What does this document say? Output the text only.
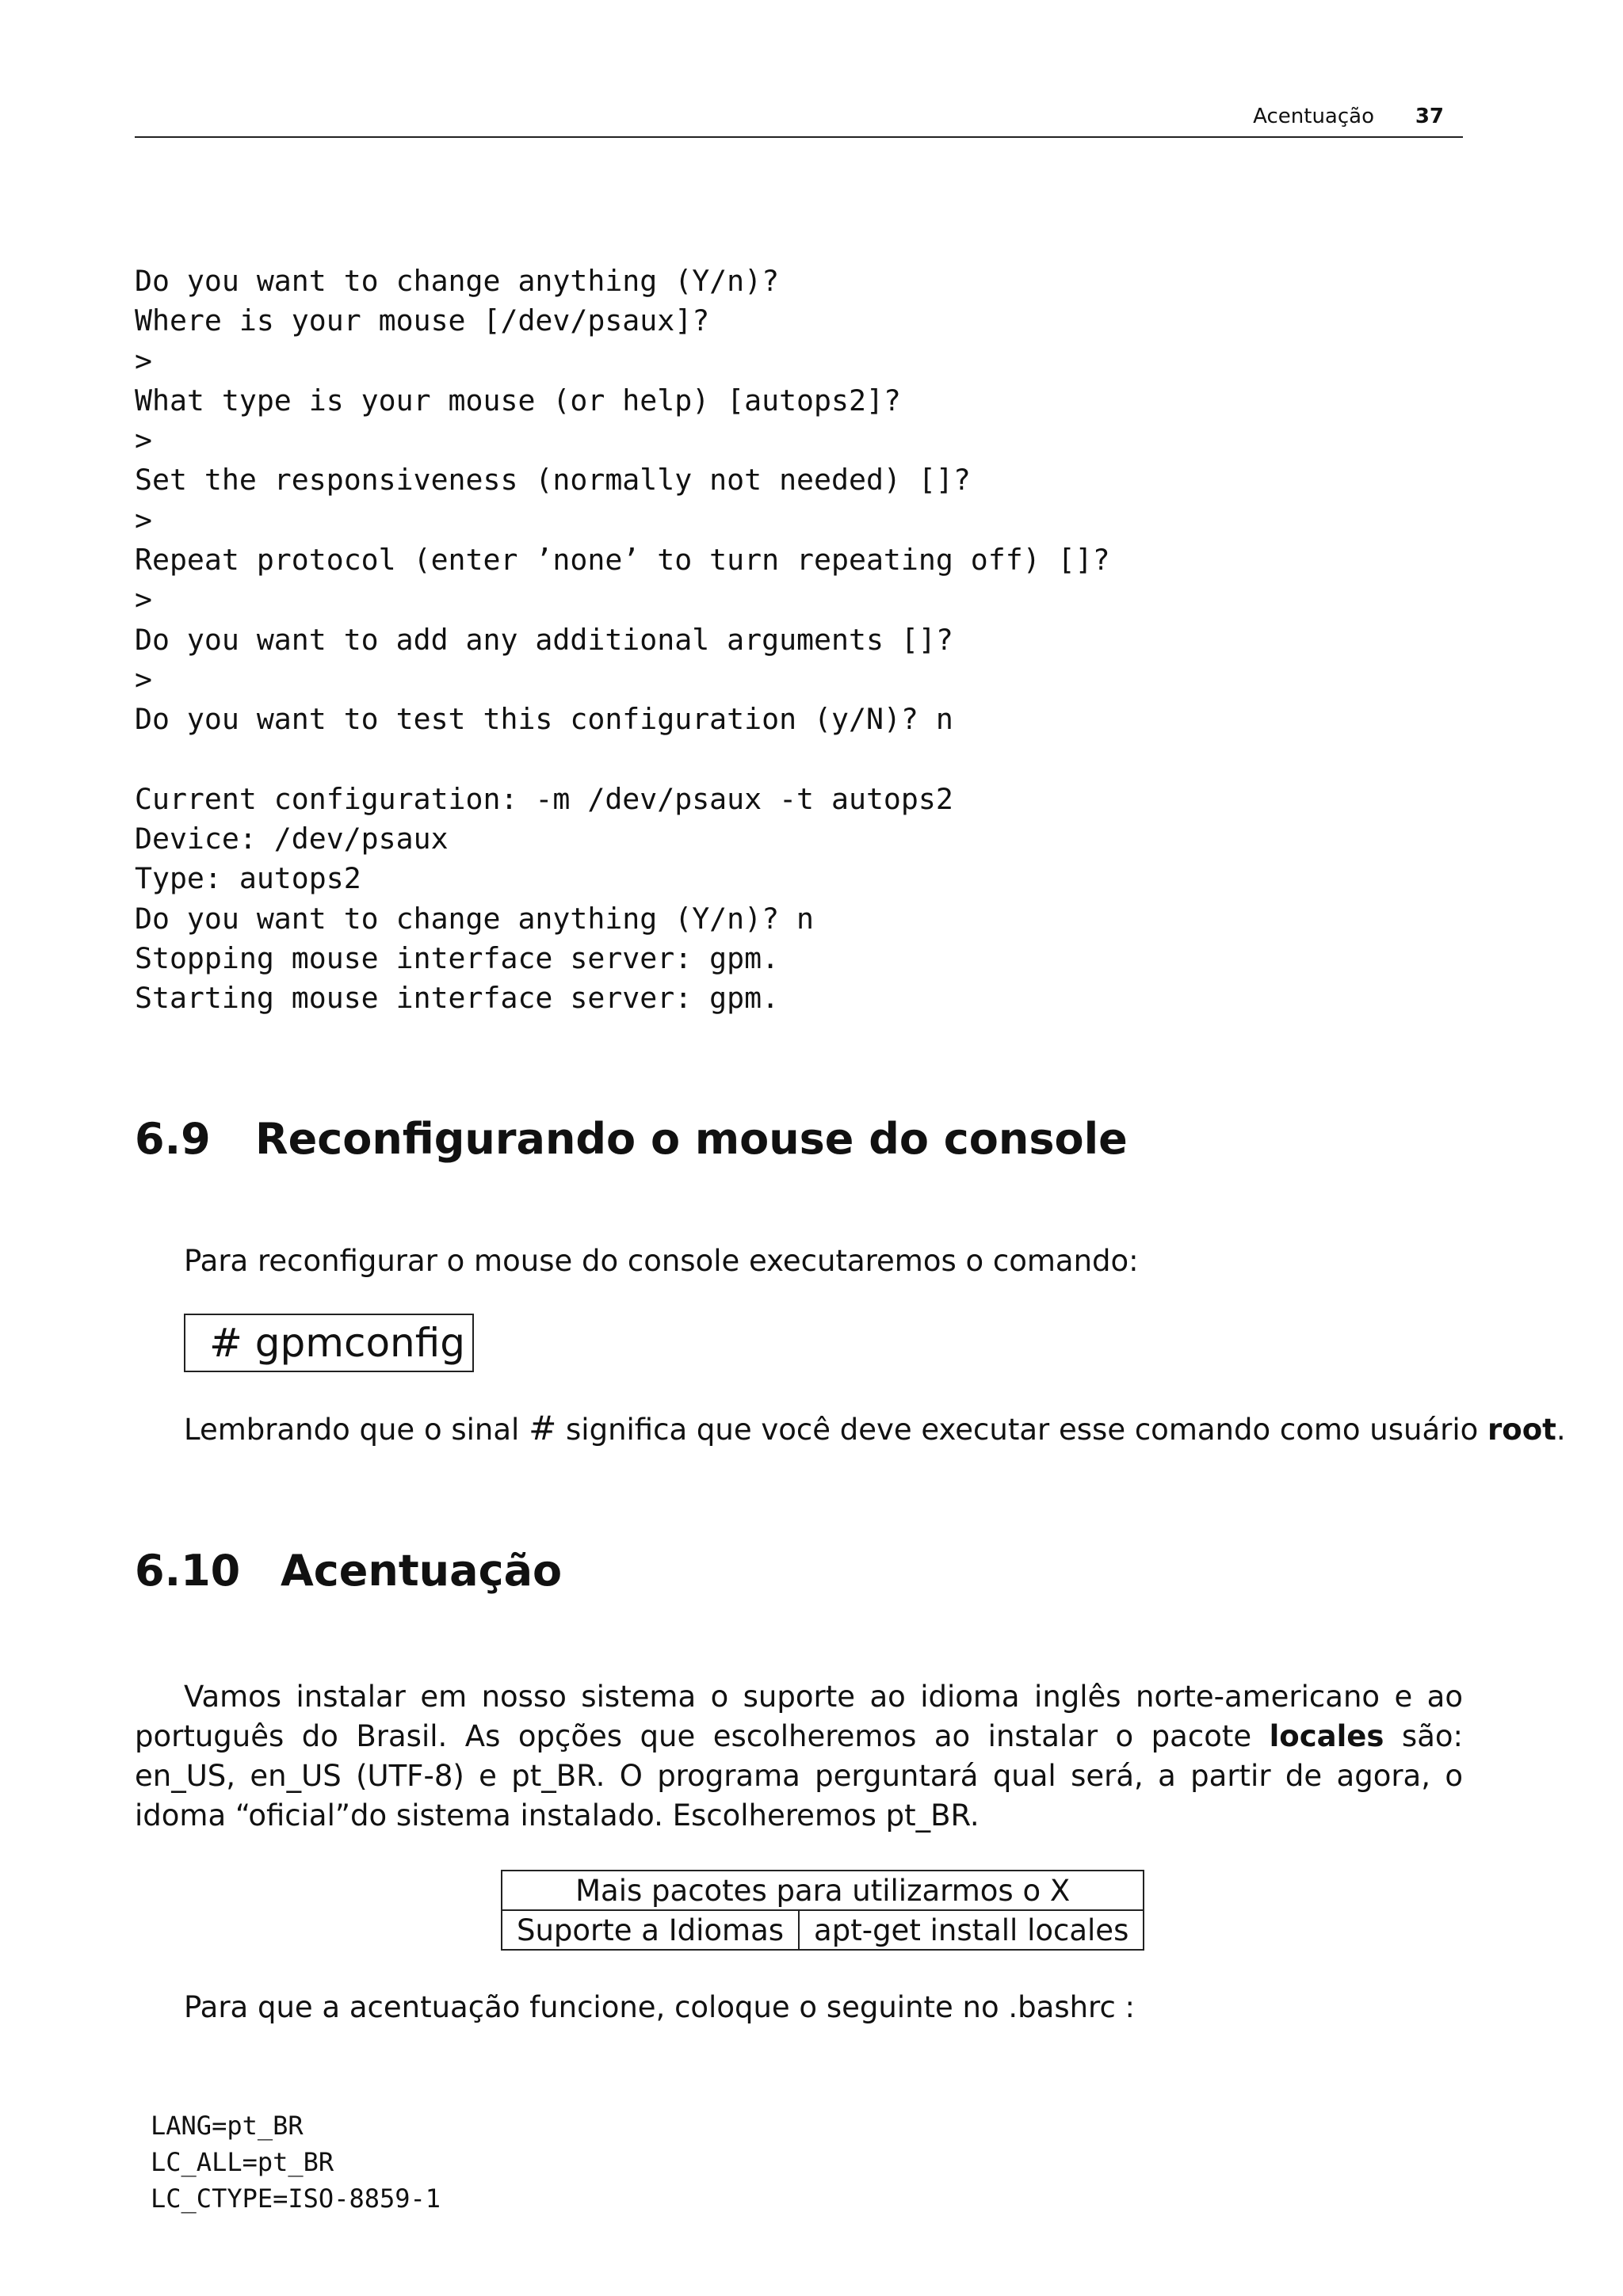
Acentuação 37
Do you want to change anything (Y/n)?
Where is your mouse [/dev/psaux]?
>
What type is your mouse (or help) [autops2]?
>
Set the responsiveness (normally not needed) []?
>
Repeat protocol (enter ’none’ to turn repeating off) []?
>
Do you want to add any additional arguments []?
>
Do you want to test this configuration (y/N)? n
Current configuration: -m /dev/psaux -t autops2
Device: /dev/psaux
Type: autops2
Do you want to change anything (Y/n)? n
Stopping mouse interface server: gpm.
Starting mouse interface server: gpm.
6.9 Reconfigurando o mouse do console

Para reconfigurar o mouse do console executaremos o comando:

# gpmconfig

Lembrando que o sinal # significa que você deve executar esse comando como usuário root.

6.10 Acentuação

Vamos instalar em nosso sistema o suporte ao idioma inglês norte-americano e ao português do Brasil. As opções que escolheremos ao instalar o pacote locales são: en_US, en_US (UTF-8) e pt_BR. O programa perguntará qual será, a partir de agora, o idoma “oficial”do sistema instalado. Escolheremos pt_BR.

Mais pacotes para utilizarmos o X
Suporte a Idiomas	apt-get install locales

Para que a acentuação funcione, coloque o seguinte no .bashrc :

LANG=pt_BR
LC_ALL=pt_BR
LC_CTYPE=ISO-8859-1
